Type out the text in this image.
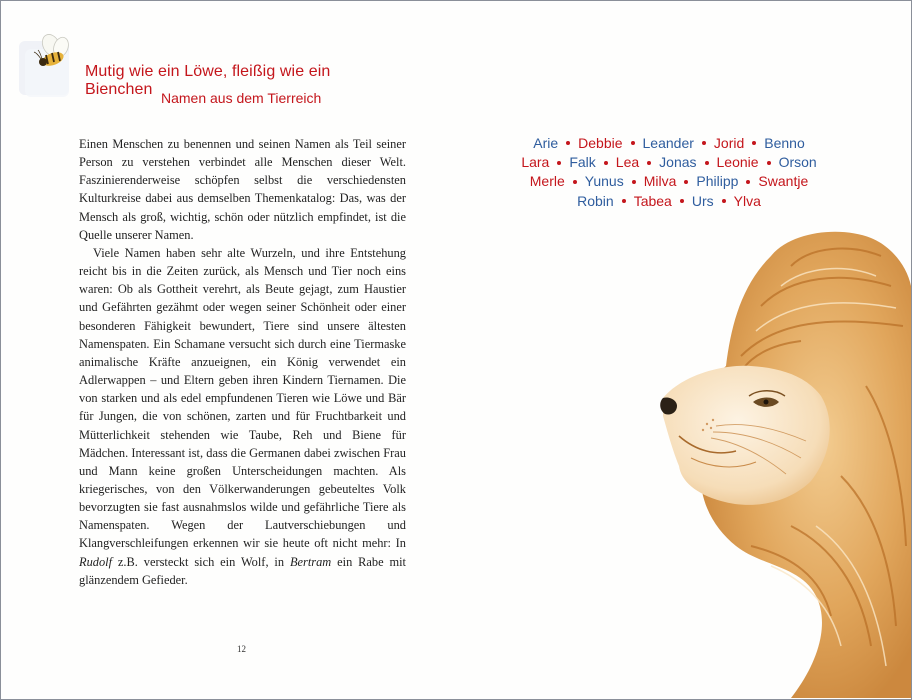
Mutig wie ein Löwe, fleißig wie ein Bienchen Namen aus dem Tierreich

Einen Menschen zu benennen und seinen Namen als Teil seiner Person zu verstehen verbindet alle Menschen dieser Welt. Faszinierenderweise schöpfen selbst die verschiedensten Kulturkreise dabei aus demselben Themenkatalog: Das, was der Mensch als groß, wichtig, schön oder nützlich empfindet, ist die Quelle unserer Namen.

Viele Namen haben sehr alte Wurzeln, und ihre Entstehung reicht bis in die Zeiten zurück, als Mensch und Tier noch eins waren: Ob als Gottheit verehrt, als Beute gejagt, zum Haustier und Gefährten gezähmt oder wegen seiner Schönheit oder einer besonderen Fähigkeit bewundert, Tiere sind unsere ältesten Namenspaten. Ein Schamane versucht sich durch eine Tiermaske animalische Kräfte anzueignen, ein König verwendet ein Adlerwappen – und Eltern geben ihren Kindern Tiernamen. Die von starken und als edel empfundenen Tieren wie Löwe und Bär für Jungen, die von schönen, zarten und für Fruchtbarkeit und Mütterlichkeit stehenden wie Taube, Reh und Biene für Mädchen. Interessant ist, dass die Germanen dabei zwischen Frau und Mann keine großen Unterscheidungen machten. Als kriegerisches, von den Völkerwanderungen gebeuteltes Volk bevorzugten sie fast ausnahmslos wilde und gefährliche Tiere als Namenspaten. Wegen der Lautverschiebungen und Klangverschleifungen erkennen wir sie heute oft nicht mehr: In Rudolf z.B. versteckt sich ein Wolf, in Bertram ein Rabe mit glänzendem Gefieder.

12
Arie Debbie Leander Jorid Benno
Lara Falk Lea Jonas Leonie Orson
Merle Yunus Milva Philipp Swantje
Robin Tabea Urs Ylva
